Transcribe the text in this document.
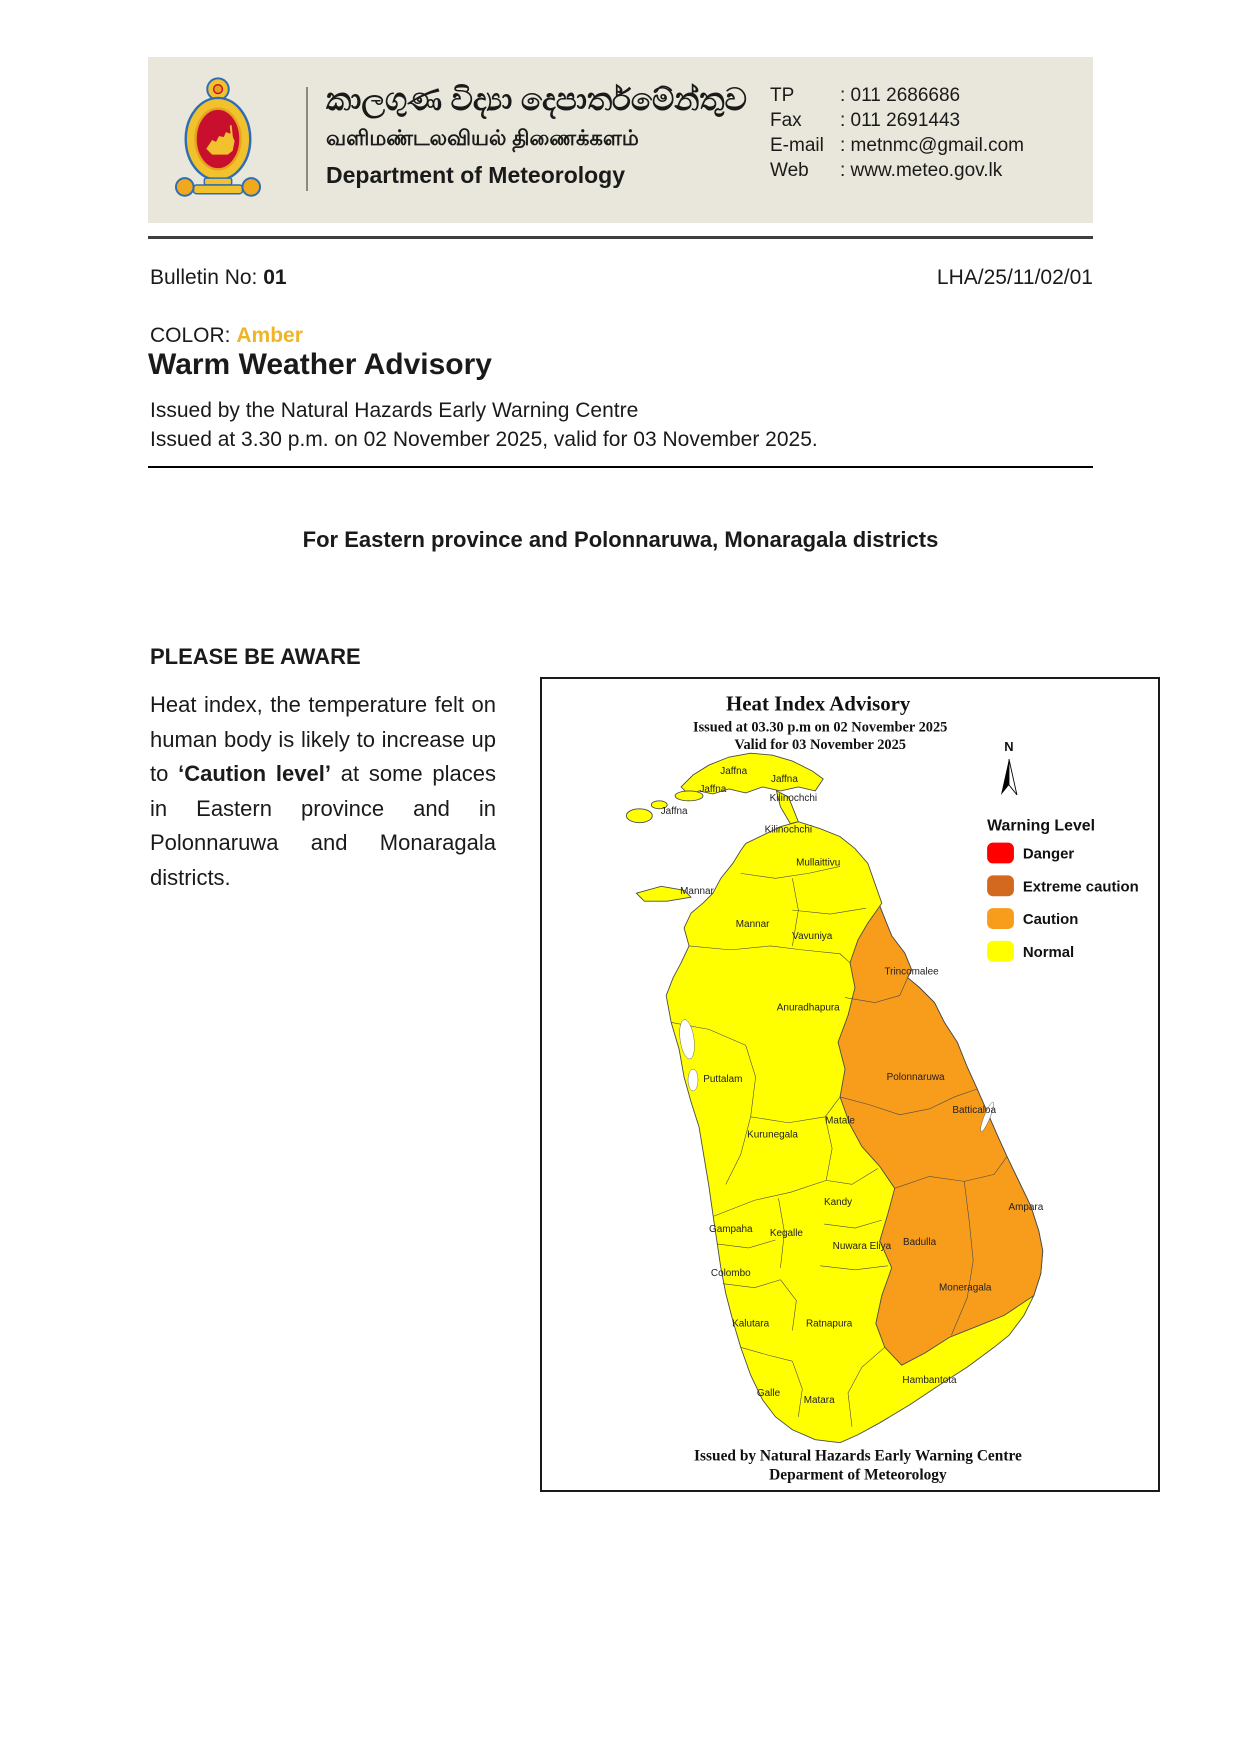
කාලගුණ විද්‍යා දෙපාර්තමේන්තුව
வளிமண்டலவியல் திணைக்களம்
Department of Meteorology
TP	: 011 2686686
Fax	: 011 2691443
E-mail : metnmc@gmail.com
Web	: www.meteo.gov.lk
Bulletin No: 01	LHA/25/11/02/01
COLOR: Amber
Warm Weather Advisory
Issued by the Natural Hazards Early Warning Centre
Issued at 3.30 p.m. on 02 November 2025, valid for 03 November 2025.
For Eastern province and Polonnaruwa, Monaragala districts
PLEASE BE AWARE

Heat index, the temperature felt on human body is likely to increase up to ‘Caution level’ at some places in Eastern province and in Polonnaruwa and Monaragala districts.

Heat Index Advisory
Issued at 03.30 p.m on 02 November 2025
Valid for 03 November 2025	N
Jaffna
Jaffna
Jaffna
Jaffna
Kilinochchi
Kilinochchi
Mullaittivu
Mannar
Mannar
Vavuniya
Trincomalee
Anuradhapura
Puttalam	Polonnaruwa
Matale
Batticaloa
Kurunegala
Kandy
Gampaha Kegalle
Nuwara Eliya Badulla
Ampara
Colombo
Kalutara	Ratnapura
Moneragala
Hambantota
Galle
Matara
Warning Level
Danger
Extreme caution
Caution
Normal
Issued by Natural Hazards Early Warning Centre
Deparment of Meteorology
